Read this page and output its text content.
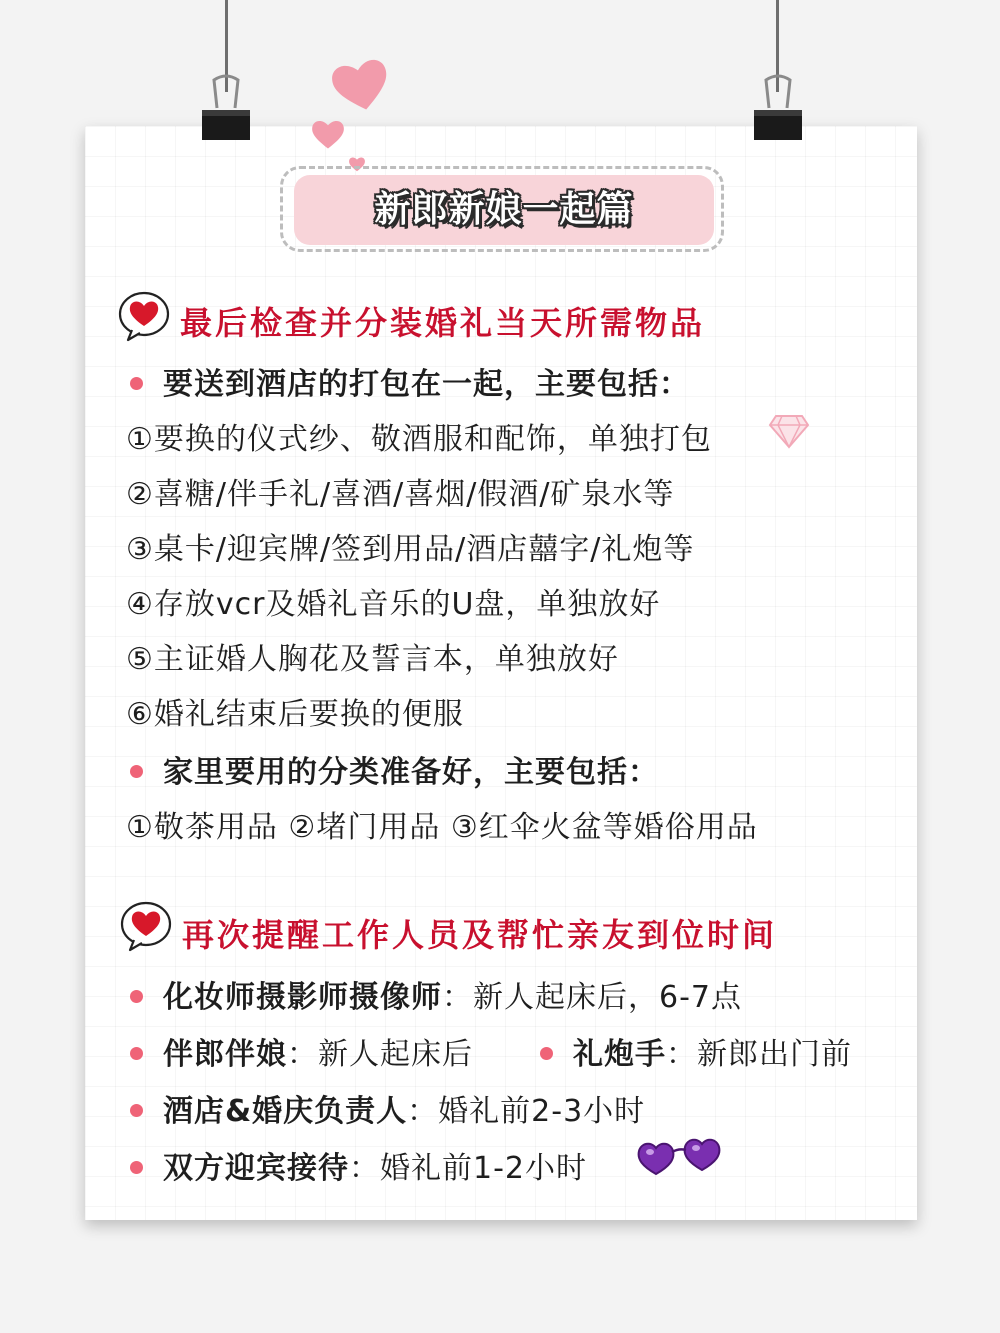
新郎新娘一起篇
最后检查并分装婚礼当天所需物品
要送到酒店的打包在一起，主要包括：
①要换的仪式纱、敬酒服和配饰，单独打包
②喜糖/伴手礼/喜酒/喜烟/假酒/矿泉水等
③桌卡/迎宾牌/签到用品/酒店囍字/礼炮等
④存放vcr及婚礼音乐的U盘，单独放好
⑤主证婚人胸花及誓言本，单独放好
⑥婚礼结束后要换的便服
家里要用的分类准备好，主要包括：
①敬茶用品 ②堵门用品 ③红伞火盆等婚俗用品
再次提醒工作人员及帮忙亲友到位时间
化妆师摄影师摄像师：新人起床后，6-7点
伴郎伴娘：新人起床后	礼炮手：新郎出门前
酒店&婚庆负责人：婚礼前2-3小时
双方迎宾接待：婚礼前1-2小时
